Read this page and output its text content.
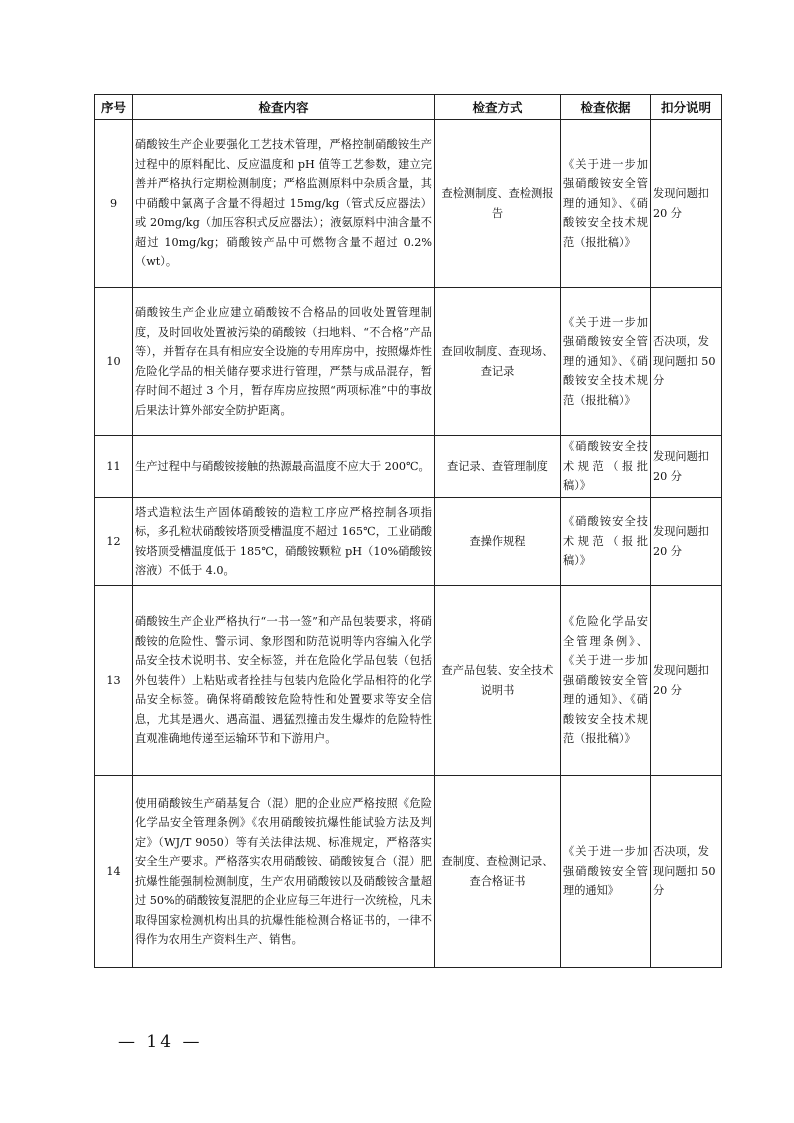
序号	检查内容	检查方式	检查依据	扣分说明
9	硝酸铵生产企业要强化工艺技术管理，严格控制硝酸铵生产过程中的原料配比、反应温度和 pH 值等工艺参数，建立完善并严格执行定期检测制度；严格监测原料中杂质含量，其中硝酸中氯离子含量不得超过 15mg/kg（管式反应器法）或 20mg/kg（加压容积式反应器法）；液氨原料中油含量不超过 10mg/kg；硝酸铵产品中可燃物含量不超过 0.2%（wt）。	查检测制度、查检测报告	《关于进一步加强硝酸铵安全管理的通知》、《硝酸铵安全技术规范（报批稿）》	发现问题扣 20 分
10	硝酸铵生产企业应建立硝酸铵不合格品的回收处置管理制度，及时回收处置被污染的硝酸铵（扫地料、“不合格”产品等），并暂存在具有相应安全设施的专用库房中，按照爆炸性危险化学品的相关储存要求进行管理，严禁与成品混存，暂存时间不超过 3 个月，暂存库房应按照“两项标准”中的事故后果法计算外部安全防护距离。	查回收制度、查现场、查记录	《关于进一步加强硝酸铵安全管理的通知》、《硝酸铵安全技术规范（报批稿）》	否决项，发现问题扣 50 分
11	生产过程中与硝酸铵接触的热源最高温度不应大于 200℃。	查记录、查管理制度	《硝酸铵安全技术规范（报批稿）》	发现问题扣 20 分
12	塔式造粒法生产固体硝酸铵的造粒工序应严格控制各项指标，多孔粒状硝酸铵塔顶受槽温度不超过 165℃，工业硝酸铵塔顶受槽温度低于 185℃，硝酸铵颗粒 pH（10%硝酸铵溶液）不低于 4.0。	查操作规程	《硝酸铵安全技术规范（报批稿）》	发现问题扣 20 分
13	硝酸铵生产企业严格执行“一书一签”和产品包装要求，将硝酸铵的危险性、警示词、象形图和防范说明等内容编入化学品安全技术说明书、安全标签，并在危险化学品包装（包括外包装件）上粘贴或者拴挂与包装内危险化学品相符的化学品安全标签。确保将硝酸铵危险特性和处置要求等安全信息，尤其是遇火、遇高温、遇猛烈撞击发生爆炸的危险特性直观准确地传递至运输环节和下游用户。	查产品包装、安全技术说明书	《危险化学品安全管理条例》、《关于进一步加强硝酸铵安全管理的通知》、《硝酸铵安全技术规范（报批稿）》	发现问题扣 20 分
14	使用硝酸铵生产硝基复合（混）肥的企业应严格按照《危险化学品安全管理条例》《农用硝酸铵抗爆性能试验方法及判定》（WJ/T 9050）等有关法律法规、标准规定，严格落实安全生产要求。严格落实农用硝酸铵、硝酸铵复合（混）肥抗爆性能强制检测制度，生产农用硝酸铵以及硝酸铵含量超过 50%的硝酸铵复混肥的企业应每三年进行一次统检，凡未取得国家检测机构出具的抗爆性能检测合格证书的，一律不得作为农用生产资料生产、销售。	查制度、查检测记录、查合格证书	《关于进一步加强硝酸铵安全管理的通知》	否决项，发现问题扣 50 分
— 14 —
